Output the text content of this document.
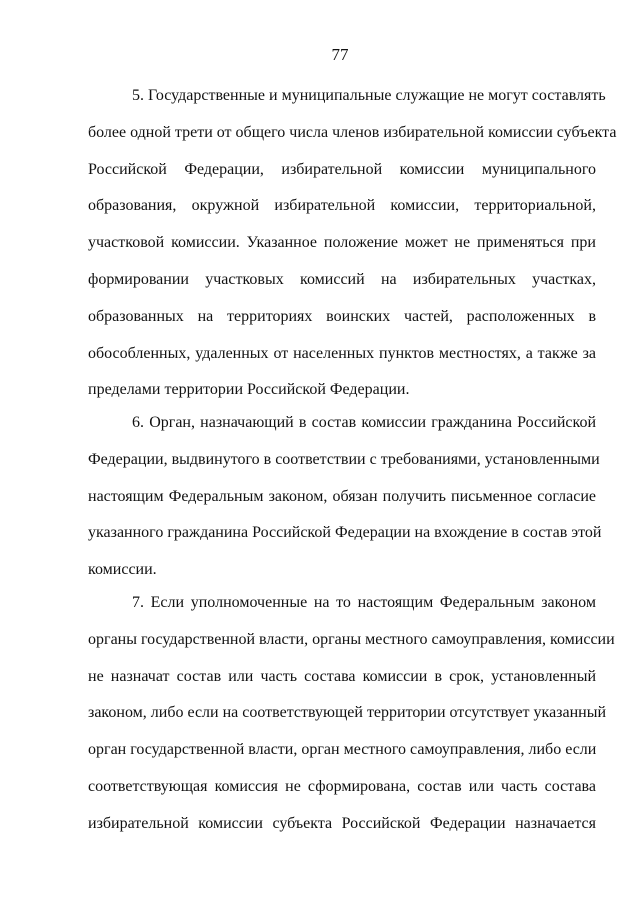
77
5. Государственные и муниципальные служащие не могут составлять
более одной трети от общего числа членов избирательной комиссии субъекта
Российской Федерации, избирательной комиссии муниципального
образования, окружной избирательной комиссии, территориальной,
участковой комиссии. Указанное положение может не применяться при
формировании участковых комиссий на избирательных участках,
образованных на территориях воинских частей, расположенных в
обособленных, удаленных от населенных пунктов местностях, а также за
пределами территории Российской Федерации.
6. Орган, назначающий в состав комиссии гражданина Российской
Федерации, выдвинутого в соответствии с требованиями, установленными
настоящим Федеральным законом, обязан получить письменное согласие
указанного гражданина Российской Федерации на вхождение в состав этой
комиссии.
7. Если уполномоченные на то настоящим Федеральным законом
органы государственной власти, органы местного самоуправления, комиссии
не назначат состав или часть состава комиссии в срок, установленный
законом, либо если на соответствующей территории отсутствует указанный
орган государственной власти, орган местного самоуправления, либо если
соответствующая комиссия не сформирована, состав или часть состава
избирательной комиссии субъекта Российской Федерации назначается
